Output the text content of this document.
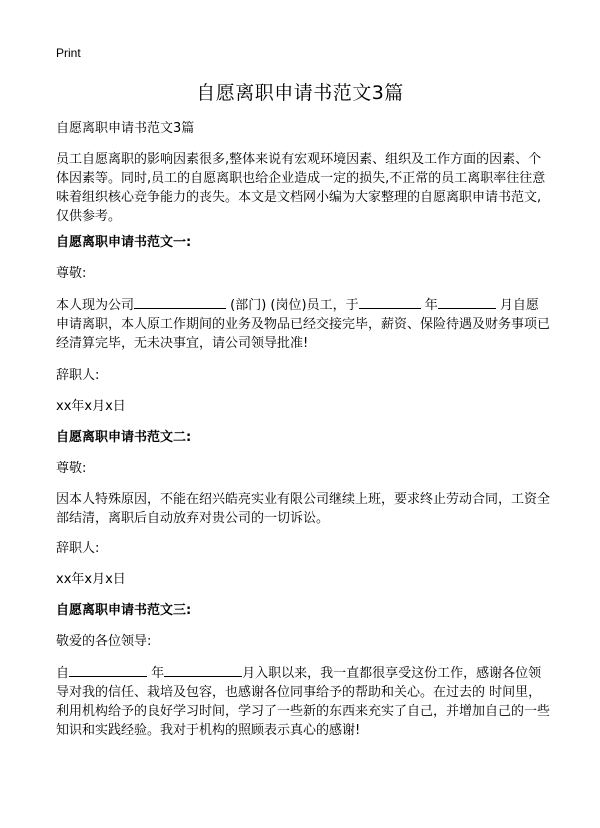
Print
自愿离职申请书范文3篇
自愿离职申请书范文3篇
员工自愿离职的影响因素很多,整体来说有宏观环境因素、组织及工作方面的因素、个体因素等。同时,员工的自愿离职也给企业造成一定的损失,不正常的员工离职率往往意味着组织核心竞争能力的丧失。本文是文档网小编为大家整理的自愿离职申请书范文,仅供参考。
自愿离职申请书范文一:
尊敬:
本人现为公司	(部门) (岗位)员工，于	年	月自愿申请离职，本人原工作期间的业务及物品已经交接完毕，薪资、保险待遇及财务事项已经清算完毕，无未决事宜，请公司领导批准!
辞职人:
xx年x月x日
自愿离职申请书范文二:
尊敬:
因本人特殊原因，不能在绍兴皓亮实业有限公司继续上班，要求终止劳动合同，工资全部结清，离职后自动放弃对贵公司的一切诉讼。
辞职人:
xx年x月x日
自愿离职申请书范文三:
敬爱的各位领导:
自	年	月入职以来，我一直都很享受这份工作，感谢各位领导对我的信任、栽培及包容，也感谢各位同事给予的帮助和关心。在过去的 时间里，利用机构给予的良好学习时间，学习了一些新的东西来充实了自己，并增加自己的一些知识和实践经验。我对于机构的照顾表示真心的感谢!
